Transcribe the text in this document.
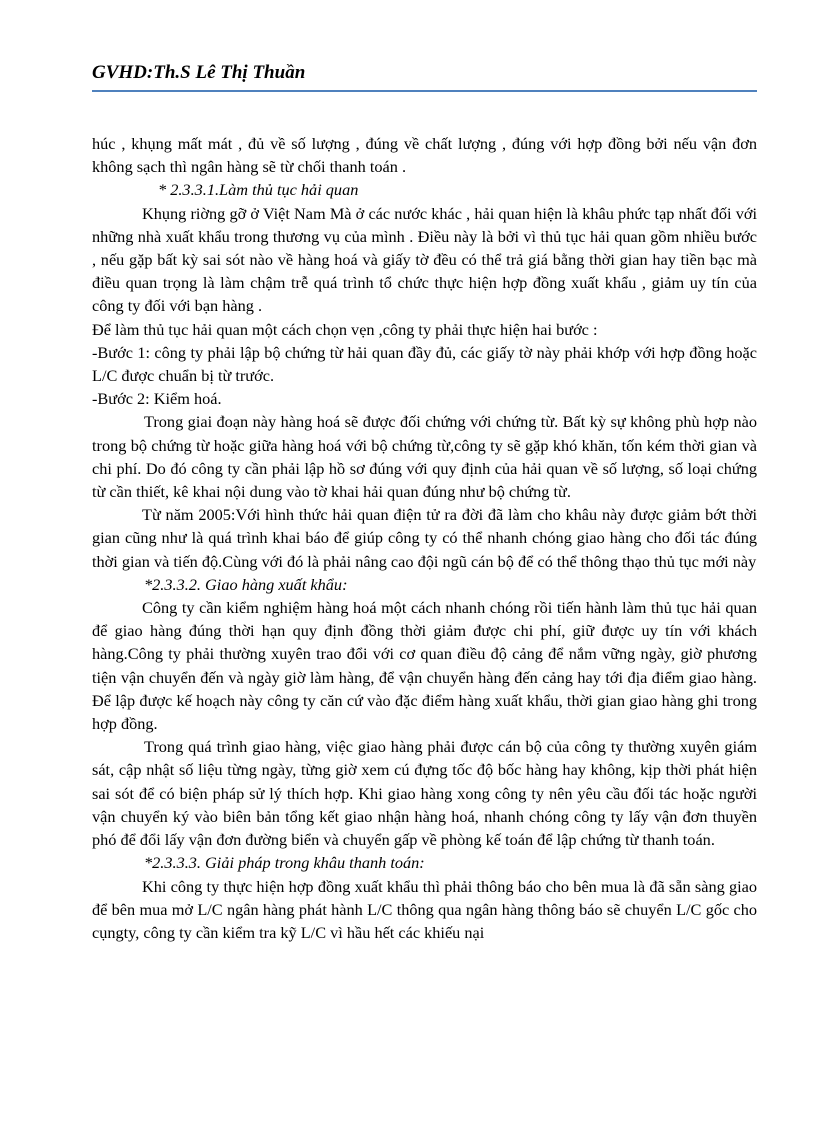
GVHD:Th.S Lê Thị Thuần

húc , khụng mất mát , đủ về số lượng , đúng về chất lượng , đúng với hợp đồng bởi nếu vận đơn không sạch thì ngân hàng sẽ từ chối thanh toán .

* 2.3.3.1.Làm thủ tục hải quan

Khụng riờng gỡ ở Việt Nam Mà ở các nước khác , hải quan hiện là khâu phức tạp nhất đối với những nhà xuất khẩu trong thương vụ của mình . Điều này là bởi vì thủ tục hải quan gồm nhiều bước , nếu gặp bất kỳ sai sót nào về hàng hoá và giấy tờ đều có thể trả giá bằng thời gian hay tiền bạc mà điều quan trọng là làm chậm trễ quá trình tổ chức thực hiện hợp đồng xuất khẩu , giảm uy tín của công ty đối với bạn hàng .

Để làm thủ tục hải quan một cách chọn vẹn ,công ty phải thực hiện hai bước :

-Bước 1: công ty phải lập bộ chứng từ hải quan đầy đủ, các giấy tờ này phải khớp với hợp đồng hoặc L/C được chuẩn bị từ trước.

-Bước 2: Kiểm hoá.

Trong giai đoạn này hàng hoá sẽ được đối chứng với chứng từ. Bất kỳ sự không phù hợp nào trong bộ chứng từ hoặc giữa hàng hoá với bộ chứng từ,công ty sẽ gặp khó khăn, tốn kém thời gian và chi phí. Do đó công ty cần phải lập hồ sơ đúng với quy định của hải quan về số lượng, số loại chứng từ cần thiết, kê khai nội dung vào tờ khai hải quan đúng như bộ chứng từ.

Từ năm 2005:Với hình thức hải quan điện tử ra đời đã làm cho khâu này được giảm bớt thời gian cũng như là quá trình khai báo để giúp công ty có thể nhanh chóng giao hàng cho đối tác đúng thời gian và tiến độ.Cùng với đó là phải nâng cao đội ngũ cán bộ để có thể thông thạo thủ tục mới này

*2.3.3.2. Giao hàng xuất khẩu:

Công ty cần kiểm nghiệm hàng hoá một cách nhanh chóng rồi tiến hành làm thủ tục hải quan để giao hàng đúng thời hạn quy định đồng thời giảm được chi phí, giữ được uy tín với khách hàng.Công ty phải thường xuyên trao đổi với cơ quan điều độ cảng để nắm vững ngày, giờ phương tiện vận chuyển đến và ngày giờ làm hàng, để vận chuyển hàng đến cảng hay tới địa điểm giao hàng. Để lập được kế hoạch này công ty căn cứ vào đặc điểm hàng xuất khẩu, thời gian giao hàng ghi trong hợp đồng.

Trong quá trình giao hàng, việc giao hàng phải được cán bộ của công ty thường xuyên giám sát, cập nhật số liệu từng ngày, từng giờ xem cú đựng tốc độ bốc hàng hay không, kịp thời phát hiện sai sót để có biện pháp sử lý thích hợp. Khi giao hàng xong công ty nên yêu cầu đối tác hoặc người vận chuyển ký vào biên bản tổng kết giao nhận hàng hoá, nhanh chóng công ty lấy vận đơn thuyền phó để đổi lấy vận đơn đường biển và chuyển gấp về phòng kế toán để lập chứng từ thanh toán.

*2.3.3.3. Giải pháp trong khâu thanh toán:

Khi công ty thực hiện hợp đồng xuất khẩu thì phải thông báo cho bên mua là đã sẵn sàng giao để bên mua mở L/C ngân hàng phát hành L/C thông qua ngân hàng thông báo sẽ chuyển L/C gốc cho cụngty, công ty cần kiểm tra kỹ L/C vì hầu hết các khiếu nại
